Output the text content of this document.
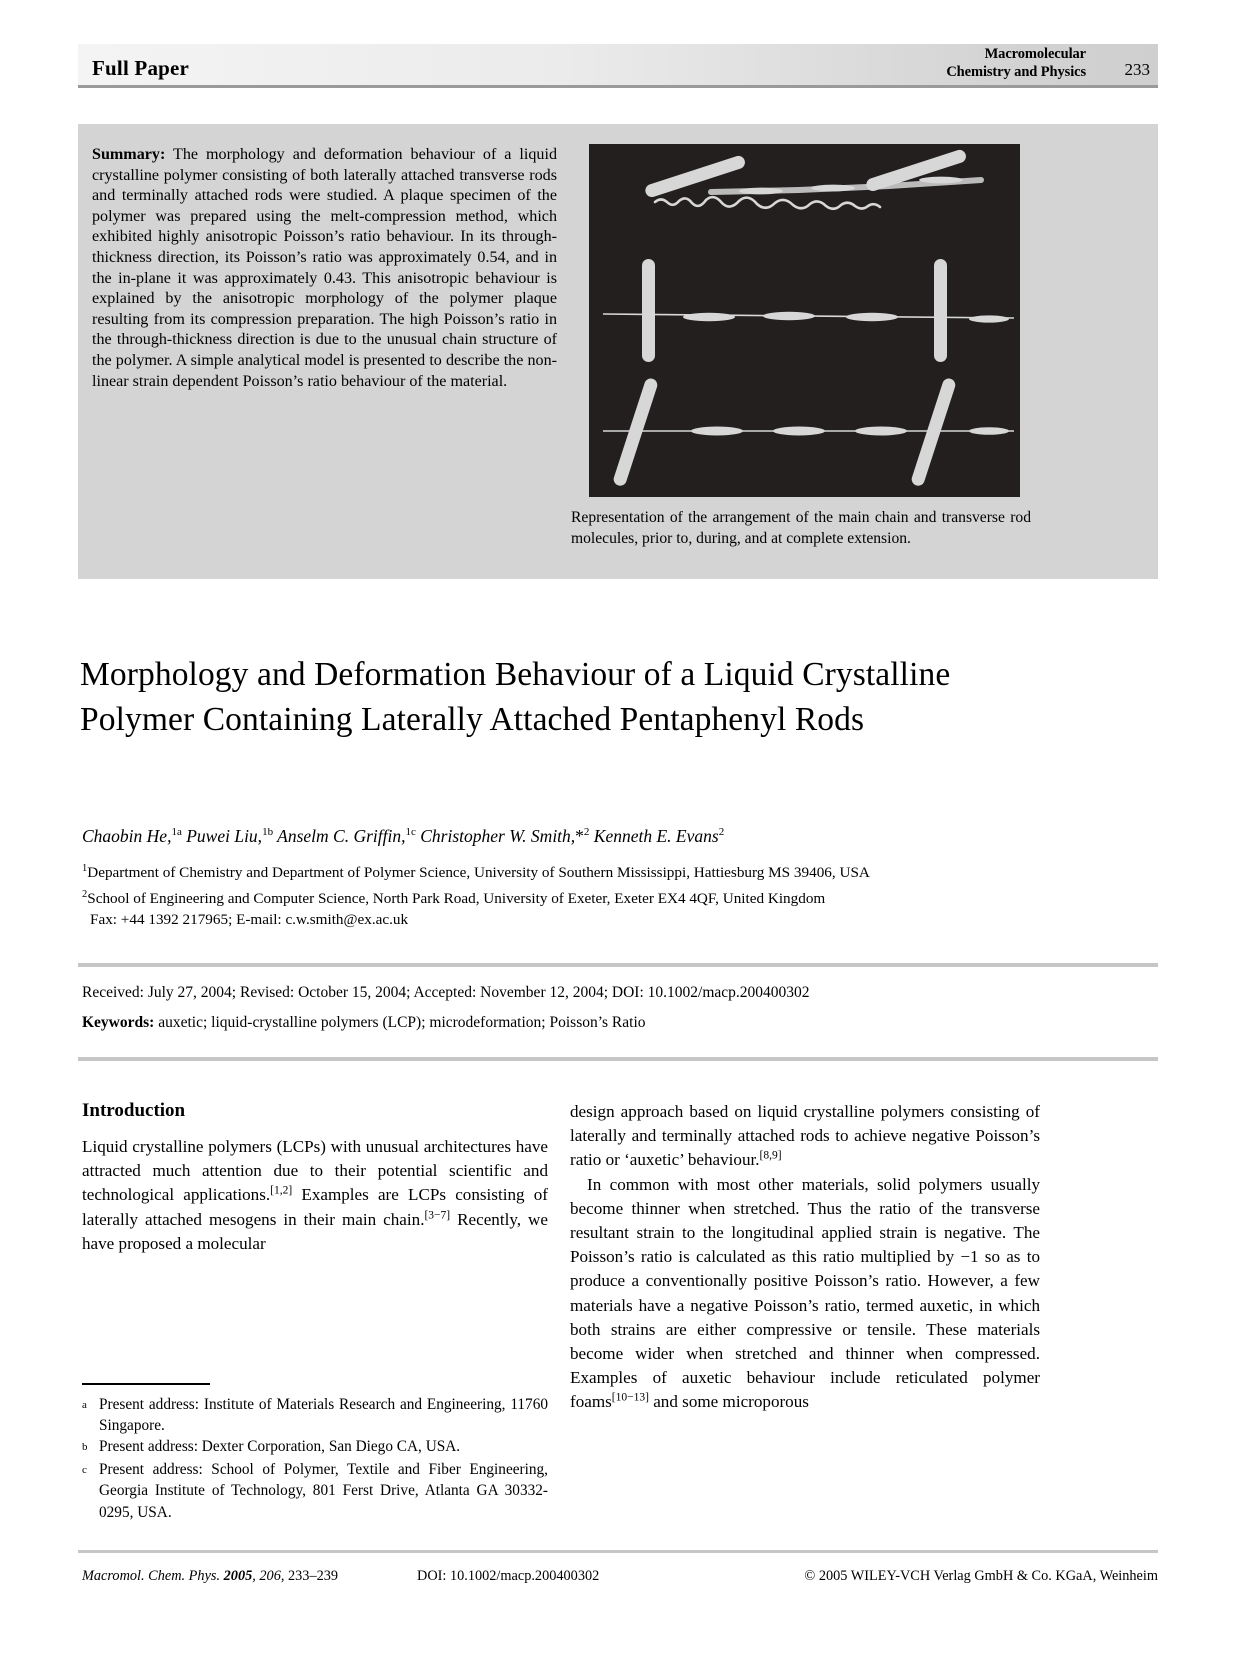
Full Paper
Macromolecular
Chemistry and Physics 233
Summary: The morphology and deformation behaviour of a liquid crystalline polymer consisting of both laterally attached transverse rods and terminally attached rods were studied. A plaque specimen of the polymer was prepared using the melt-compression method, which exhibited highly anisotropic Poisson’s ratio behaviour. In its through-thickness direction, its Poisson’s ratio was approximately 0.54, and in the in-plane it was approximately 0.43. This anisotropic behaviour is explained by the anisotropic morphology of the polymer plaque resulting from its compression preparation. The high Poisson’s ratio in the through-thickness direction is due to the unusual chain structure of the polymer. A simple analytical model is presented to describe the non-linear strain dependent Poisson’s ratio behaviour of the material.
Representation of the arrangement of the main chain and transverse rod molecules, prior to, during, and at complete extension.
Morphology and Deformation Behaviour of a Liquid Crystalline Polymer Containing Laterally Attached Pentaphenyl Rods
Chaobin He,$^{1a}$ Puwei Liu,$^{1b}$ Anselm C. Griffin,$^{1c}$ Christopher W. Smith,*$^2$ Kenneth E. Evans$^2$
$^1$Department of Chemistry and Department of Polymer Science, University of Southern Mississippi, Hattiesburg MS 39406, USA
$^2$School of Engineering and Computer Science, North Park Road, University of Exeter, Exeter EX4 4QF, United Kingdom
Fax: +44 1392 217965; E-mail: c.w.smith@ex.ac.uk
Received: July 27, 2004; Revised: October 15, 2004; Accepted: November 12, 2004; DOI: 10.1002/macp.200400302
Keywords: auxetic; liquid-crystalline polymers (LCP); microdeformation; Poisson’s Ratio
Introduction

Liquid crystalline polymers (LCPs) with unusual architectures have attracted much attention due to their potential scientific and technological applications.[1,2] Examples are LCPs consisting of laterally attached mesogens in their main chain.[3−7] Recently, we have proposed a molecular

design approach based on liquid crystalline polymers consisting of laterally and terminally attached rods to achieve negative Poisson’s ratio or ‘auxetic’ behaviour.[8,9]

In common with most other materials, solid polymers usually become thinner when stretched. Thus the ratio of the transverse resultant strain to the longitudinal applied strain is negative. The Poisson’s ratio is calculated as this ratio multiplied by −1 so as to produce a conventionally positive Poisson’s ratio. However, a few materials have a negative Poisson’s ratio, termed auxetic, in which both strains are either compressive or tensile. These materials become wider when stretched and thinner when compressed. Examples of auxetic behaviour include reticulated polymer foams[10−13] and some microporous

a Present address: Institute of Materials Research and Engineering, 11760 Singapore.
b Present address: Dexter Corporation, San Diego CA, USA.
c Present address: School of Polymer, Textile and Fiber Engineering, Georgia Institute of Technology, 801 Ferst Drive, Atlanta GA 30332-0295, USA.
Macromol. Chem. Phys. 2005, 206, 233–239	DOI: 10.1002/macp.200400302	© 2005 WILEY-VCH Verlag GmbH & Co. KGaA, Weinheim
